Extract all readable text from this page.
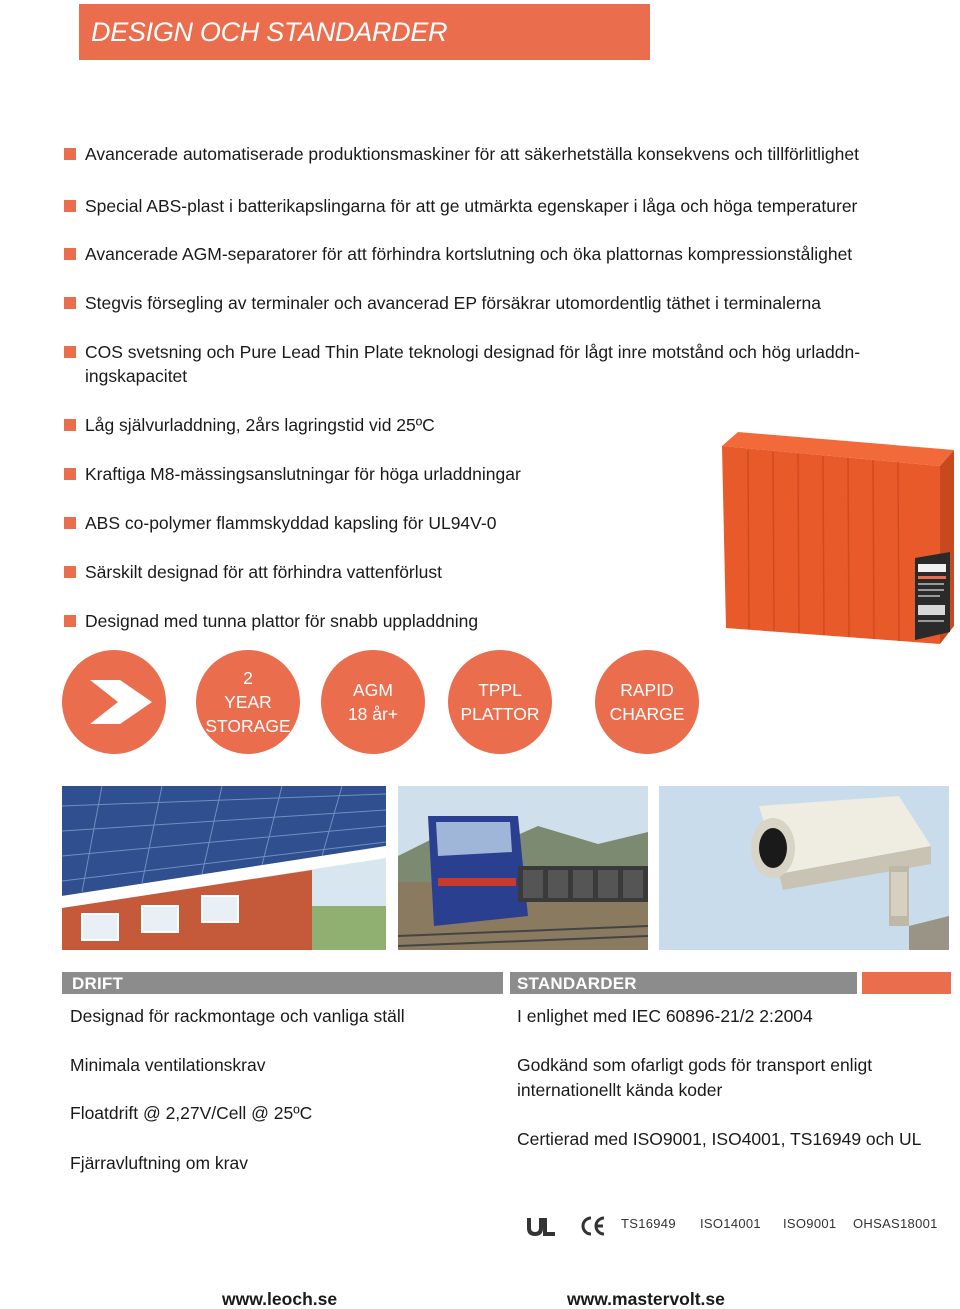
DESIGN OCH STANDARDER
Avancerade automatiserade produktionsmaskiner för att säkerhetställa konsekvens och tillförlitlighet
Special ABS-plast i batterikapslingarna för att ge utmärkta egenskaper i låga och höga temperaturer
Avancerade AGM-separatorer för att förhindra kortslutning och öka plattornas kompressionstålighet
Stegvis försegling av terminaler och avancerad EP försäkrar utomordentlig täthet i terminalerna
COS svetsning och Pure Lead Thin Plate teknologi designad för lågt inre motstånd och hög urladdn-
ingskapacitet
Låg självurladdning, 2års lagringstid vid 25ºC
Kraftiga M8-mässingsanslutningar för höga urladdningar
ABS co-polymer flammskyddad kapsling för UL94V-0
Särskilt designad för att förhindra vattenförlust
Designad med tunna plattor för snabb uppladdning
2
YEAR
STORAGE
AGM
18 år+
TPPL
PLATTOR
RAPID
CHARGE
DRIFT	STANDARDER
Designad för rackmontage och vanliga ställ
Minimala ventilationskrav
Floatdrift @ 2,27V/Cell @ 25ºC
Fjärravluftning om krav
I enlighet med IEC 60896-21/2 2:2004
Godkänd som ofarligt gods för transport enligt
internationellt kända koder
Certierad med ISO9001, ISO4001, TS16949 och UL
TS16949 ISO14001 ISO9001 OHSAS18001
www.leoch.se	www.mastervolt.se
